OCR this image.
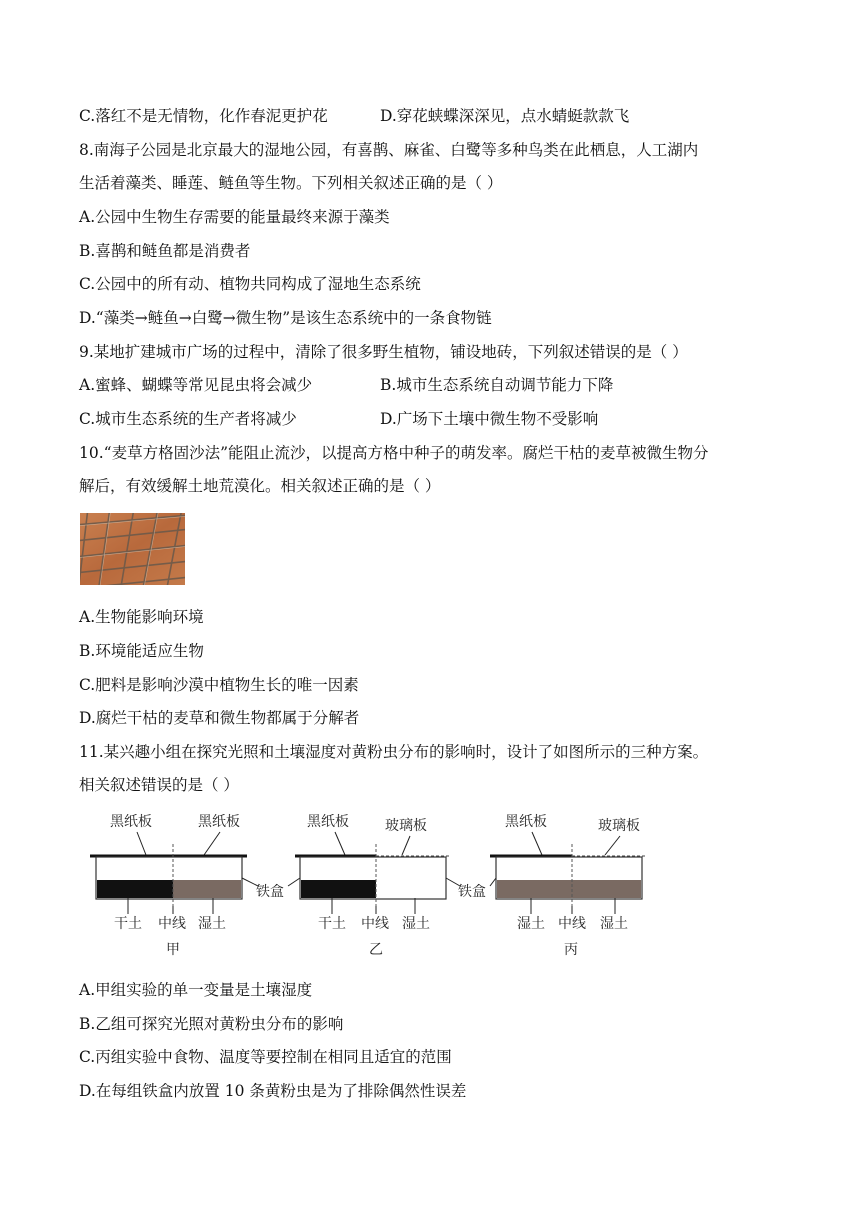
C.落红不是无情物，化作春泥更护花	D.穿花蛱蝶深深见，点水蜻蜓款款飞
8.南海子公园是北京最大的湿地公园，有喜鹊、麻雀、白鹭等多种鸟类在此栖息，人工湖内
生活着藻类、睡莲、鲢鱼等生物。下列相关叙述正确的是（ ）
A.公园中生物生存需要的能量最终来源于藻类
B.喜鹊和鲢鱼都是消费者
C.公园中的所有动、植物共同构成了湿地生态系统
D.“藻类→鲢鱼→白鹭→微生物”是该生态系统中的一条食物链
9.某地扩建城市广场的过程中，清除了很多野生植物，铺设地砖，下列叙述错误的是（ ）
A.蜜蜂、蝴蝶等常见昆虫将会减少	B.城市生态系统自动调节能力下降
C.城市生态系统的生产者将减少	D.广场下土壤中微生物不受影响
10.“麦草方格固沙法”能阻止流沙，以提高方格中种子的萌发率。腐烂干枯的麦草被微生物分
解后，有效缓解土地荒漠化。相关叙述正确的是（ ）
A.生物能影响环境
B.环境能适应生物
C.肥料是影响沙漠中植物生长的唯一因素
D.腐烂干枯的麦草和微生物都属于分解者
11.某兴趣小组在探究光照和土壤湿度对黄粉虫分布的影响时，设计了如图所示的三种方案。
相关叙述错误的是（ ）
黑纸板	黑纸板
干土 中线 湿土
甲
铁盒
黑纸板	玻璃板
干土 中线 湿土
乙
铁盒
黑纸板	玻璃板
湿土 中线 湿土
丙
A.甲组实验的单一变量是土壤湿度
B.乙组可探究光照对黄粉虫分布的影响
C.丙组实验中食物、温度等要控制在相同且适宜的范围
D.在每组铁盒内放置 10 条黄粉虫是为了排除偶然性误差
